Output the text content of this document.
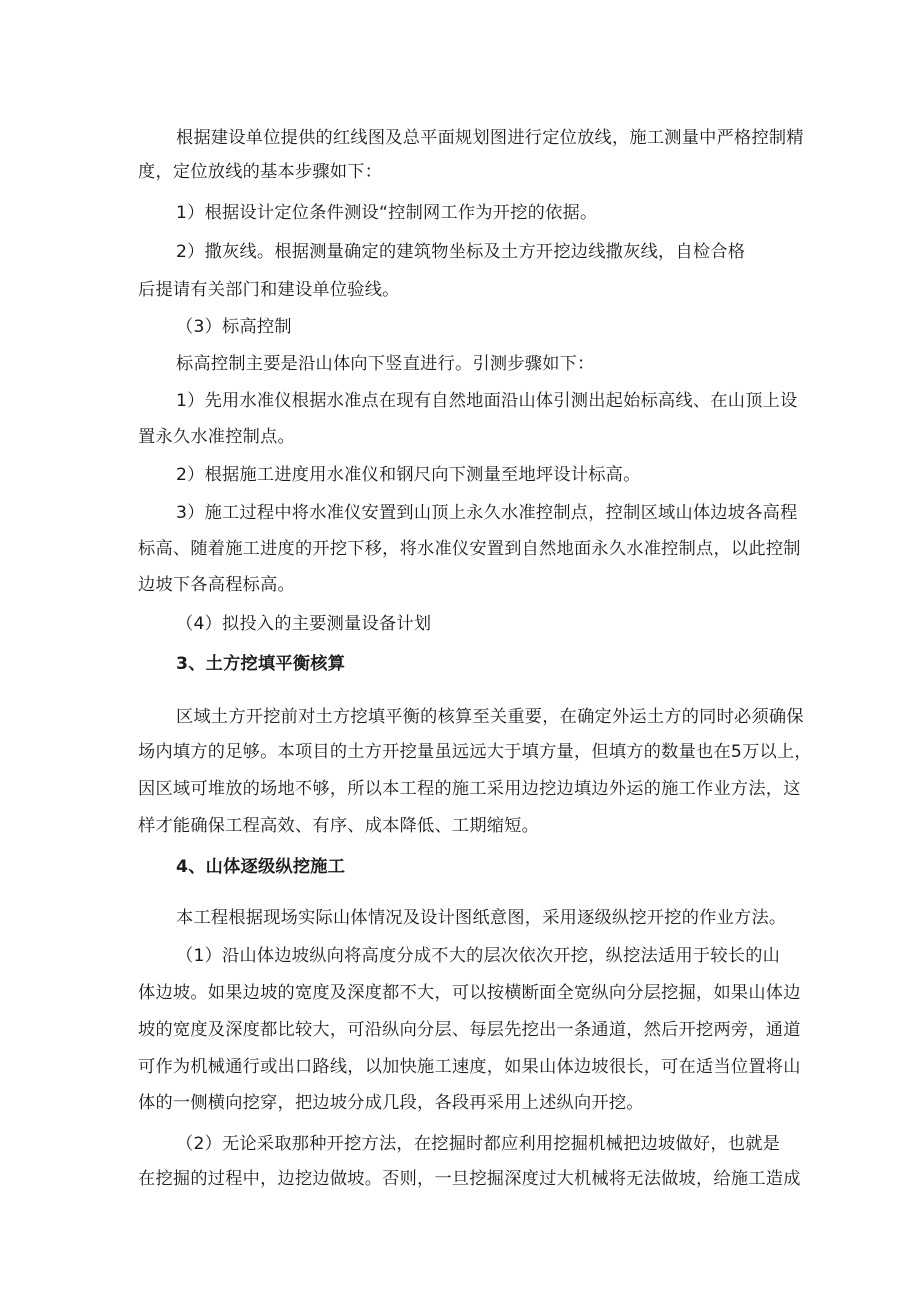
根据建设单位提供的红线图及总平面规划图进行定位放线，施工测量中严格控制精
度，定位放线的基本步骤如下：
1）根据设计定位条件测设“控制网工作为开挖的依据。
2）撒灰线。根据测量确定的建筑物坐标及土方开挖边线撒灰线，自检合格
后提请有关部门和建设单位验线。
（3）标高控制
标高控制主要是沿山体向下竖直进行。引测步骤如下：
1）先用水准仪根据水准点在现有自然地面沿山体引测出起始标高线、在山顶上设
置永久水准控制点。
2）根据施工进度用水准仪和钢尺向下测量至地坪设计标高。
3）施工过程中将水准仪安置到山顶上永久水准控制点，控制区域山体边坡各高程
标高、随着施工进度的开挖下移，将水准仪安置到自然地面永久水准控制点，以此控制
边坡下各高程标高。
（4）拟投入的主要测量设备计划
3、土方挖填平衡核算
区域土方开挖前对土方挖填平衡的核算至关重要，在确定外运土方的同时必须确保
场内填方的足够。本项目的土方开挖量虽远远大于填方量，但填方的数量也在5万以上，
因区域可堆放的场地不够，所以本工程的施工采用边挖边填边外运的施工作业方法，这
样才能确保工程高效、有序、成本降低、工期缩短。
4、山体逐级纵挖施工
本工程根据现场实际山体情况及设计图纸意图，采用逐级纵挖开挖的作业方法。
（1）沿山体边坡纵向将高度分成不大的层次依次开挖，纵挖法适用于较长的山
体边坡。如果边坡的宽度及深度都不大，可以按横断面全宽纵向分层挖掘，如果山体边
坡的宽度及深度都比较大，可沿纵向分层、每层先挖出一条通道，然后开挖两旁，通道
可作为机械通行或出口路线，以加快施工速度，如果山体边坡很长，可在适当位置将山
体的一侧横向挖穿，把边坡分成几段，各段再采用上述纵向开挖。
（2）无论采取那种开挖方法，在挖掘时都应利用挖掘机械把边坡做好，也就是
在挖掘的过程中，边挖边做坡。否则，一旦挖掘深度过大机械将无法做坡，给施工造成
